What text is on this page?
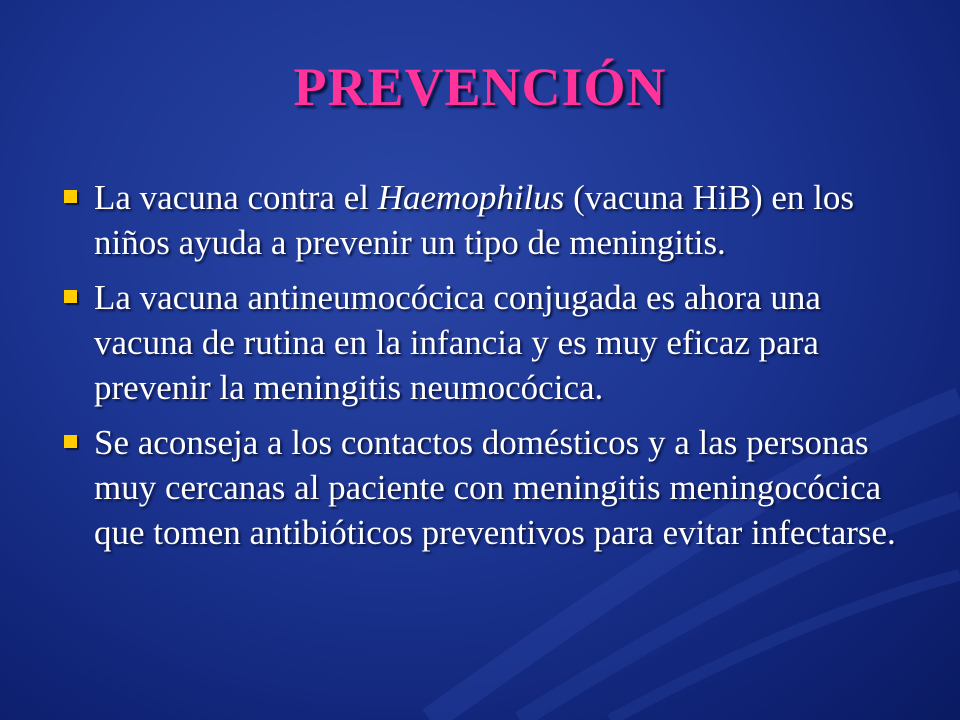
PREVENCIÓN
La vacuna contra el Haemophilus (vacuna HiB) en los niños ayuda a prevenir un tipo de meningitis.
La vacuna antineumocócica conjugada es ahora una vacuna de rutina en la infancia y es muy eficaz para prevenir la meningitis neumocócica.
Se aconseja a los contactos domésticos y a las personas muy cercanas al paciente con meningitis meningocócica que tomen antibióticos preventivos para evitar infectarse.
